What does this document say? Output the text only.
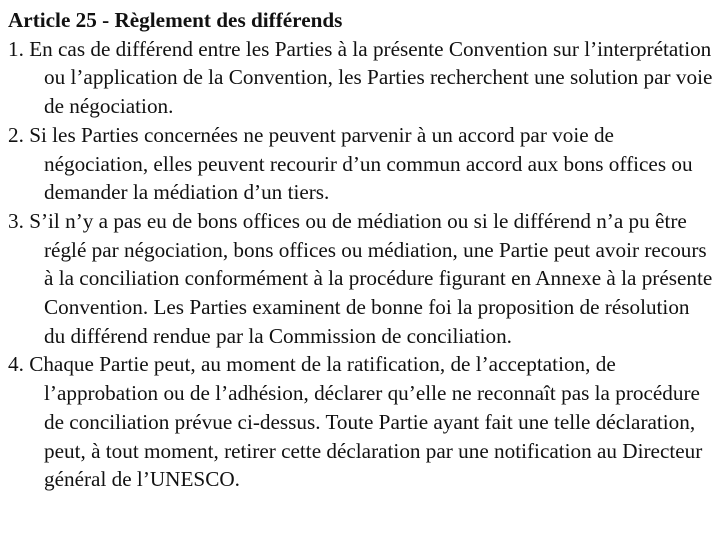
Article 25 - Règlement des différends

1. En cas de différend entre les Parties à la présente Convention sur l’interprétation ou l’application de la Convention, les Parties recherchent une solution par voie de négociation.

2. Si les Parties concernées ne peuvent parvenir à un accord par voie de négociation, elles peuvent recourir d’un commun accord aux bons offices ou demander la médiation d’un tiers.

3. S’il n’y a pas eu de bons offices ou de médiation ou si le différend n’a pu être réglé par négociation, bons offices ou médiation, une Partie peut avoir recours à la conciliation conformément à la procédure figurant en Annexe à la présente Convention. Les Parties examinent de bonne foi la proposition de résolution du différend rendue par la Commission de conciliation.

4. Chaque Partie peut, au moment de la ratification, de l’acceptation, de l’approbation ou de l’adhésion, déclarer qu’elle ne reconnaît pas la procédure de conciliation prévue ci-dessus. Toute Partie ayant fait une telle déclaration, peut, à tout moment, retirer cette déclaration par une notification au Directeur général de l’UNESCO.
